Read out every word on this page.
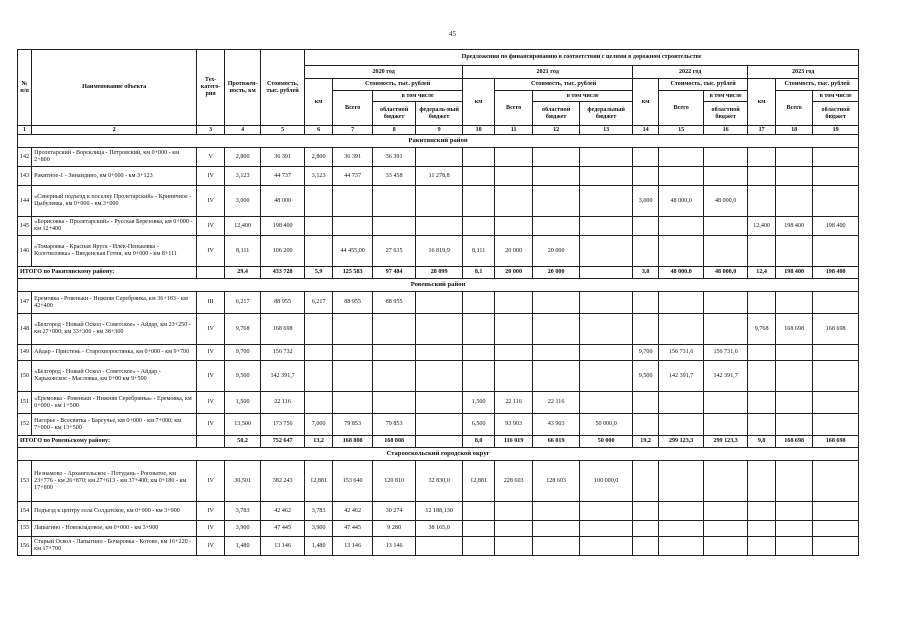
45
№ п/п	Наименование объекта	Тех-катего-рия	Протяжен-ность, км	Стоимость, тыс. рублей	Предложения по финансированию в соответствии с целями в дорожном строительстве													
					2020 год				2021 год				2022 год			2023 год		
					км	Стоимость, тыс. рублей			км	Стоимость, тыс. рублей			км	Стоимость, тыс. рублей		км	Стоимость, тыс. рублей	
						Всего	в том числе			Всего	в том числе			Всего	в том числе		Всего	в том числе
							областной бюджет	федераль-ный бюджет			областной бюджет	федеральный бюджет			областной бюджет			областной бюджет
1	2	3	4	5	6	7	8	9	10	11	12	13	14	15	16	17	18	19
Ракитянский район																		
142	Пролетарский - Ворсклица - Петровский, км 0+000 - км 2+800	V	2,800	36 391	2,800	36 391	36 391											
143	Ракитное-1 - Зинаидино, км 0+000 - км 3+123	IV	3,123	44 737	3,123	44 737	33 458	11 278,8										
144	«Северный подъезд к поселку Пролетарский» - Криничное - Цыбулевка, км 0+000 - км 3+000	IV	3,000	48 000									3,000	48 000,0	48 000,0			
145	«Борисовка - Пролетарский» - Русская Березовка, км 0+000 - км 12+400	IV	12,400	198 400												12,400	198 400	198 400
146	«Томаровка - Красная Яруга - Илёк-Пеньковка - Колотиловка» - Введенская Готня, км 0+000 - км 8+111	IV	8,111	106 200		44 455,00	27 635	16 819,9	8,111	20 000	20 000							
ИТОГО по Ракитянскому району:			29,4	433 728	5,9	125 583	97 484	28 099	8,1	20 000	20 000		3,0	48 000,0	48 000,0	12,4	198 400	198 400
Ровеньский район																		
147	Еремовка - Ровеньки - Нижняя Серебрянка, км 36+183 - км 42+400	III	6,217	88 955	6,217	88 955	88 955											
148	«Белгород - Новый Оскол - Советское» - Айдар, км 23+250 - км 27+000; км 33+300 - км 38+300	IV	9,768	168 698												9,768	168 698	168 698
149	Айдар - Пристень - Старохворостянка, км 0+000 - км 9+700	IV	9,700	156 732									9,700	156 731,6	156 731,6			
150	«Белгород - Новый Оскол - Советское» - Айдар - Харьковское - Масловка, км 0+00 км 9+500	IV	9,500	142 391,7									9,500	142 391,7	142 391,7			
151	«Еремовка - Ровеньки - Нижняя Серебрянка» - Еремовка, км 0+000 - км 1+500	IV	1,500	22 116					1,500	22 116	22 116							
152	Нагорье - Всесвятка - Барсучье, км 0+000 - км 7+000; км 7+000 - км 13+500	IV	13,500	173 756	7,000	79 853	79 853		6,500	93 903	43 903	50 000,0						
ИТОГО по Ровеньскому району:			50,2	752 647	13,2	168 808	168 808		8,0	116 019	66 019	50 000	19,2	299 123,3	299 123,3	9,8	168 698	168 698
Старооскольский городской округ																		
153	Незнамово - Архангельское - Потудань - Роговатое, км 23+776 - км 26+870; км 27+613 - км 37+400; км 0+180 - км 17+800	IV	30,501	382 243	12,881	153 640	120 810	32 830,0	12,881	228 603	128 603	100 000,0						
154	Подъезд к центру села Солдатское, км 0+000 - км 3+900	IV	3,783	42 462	3,783	42 462	30 274	12 188,130										
155	Лапыгино - Новокладовое, км 0+000 - км 3+900	IV	3,900	47 445	3,900	47 445	9 280	38 165,0										
156	Старый Оскол - Лапыгино - Бочаровка - Котово, км 16+220 - км 17+700	IV	1,480	13 146	1,480	13 146	13 146											
